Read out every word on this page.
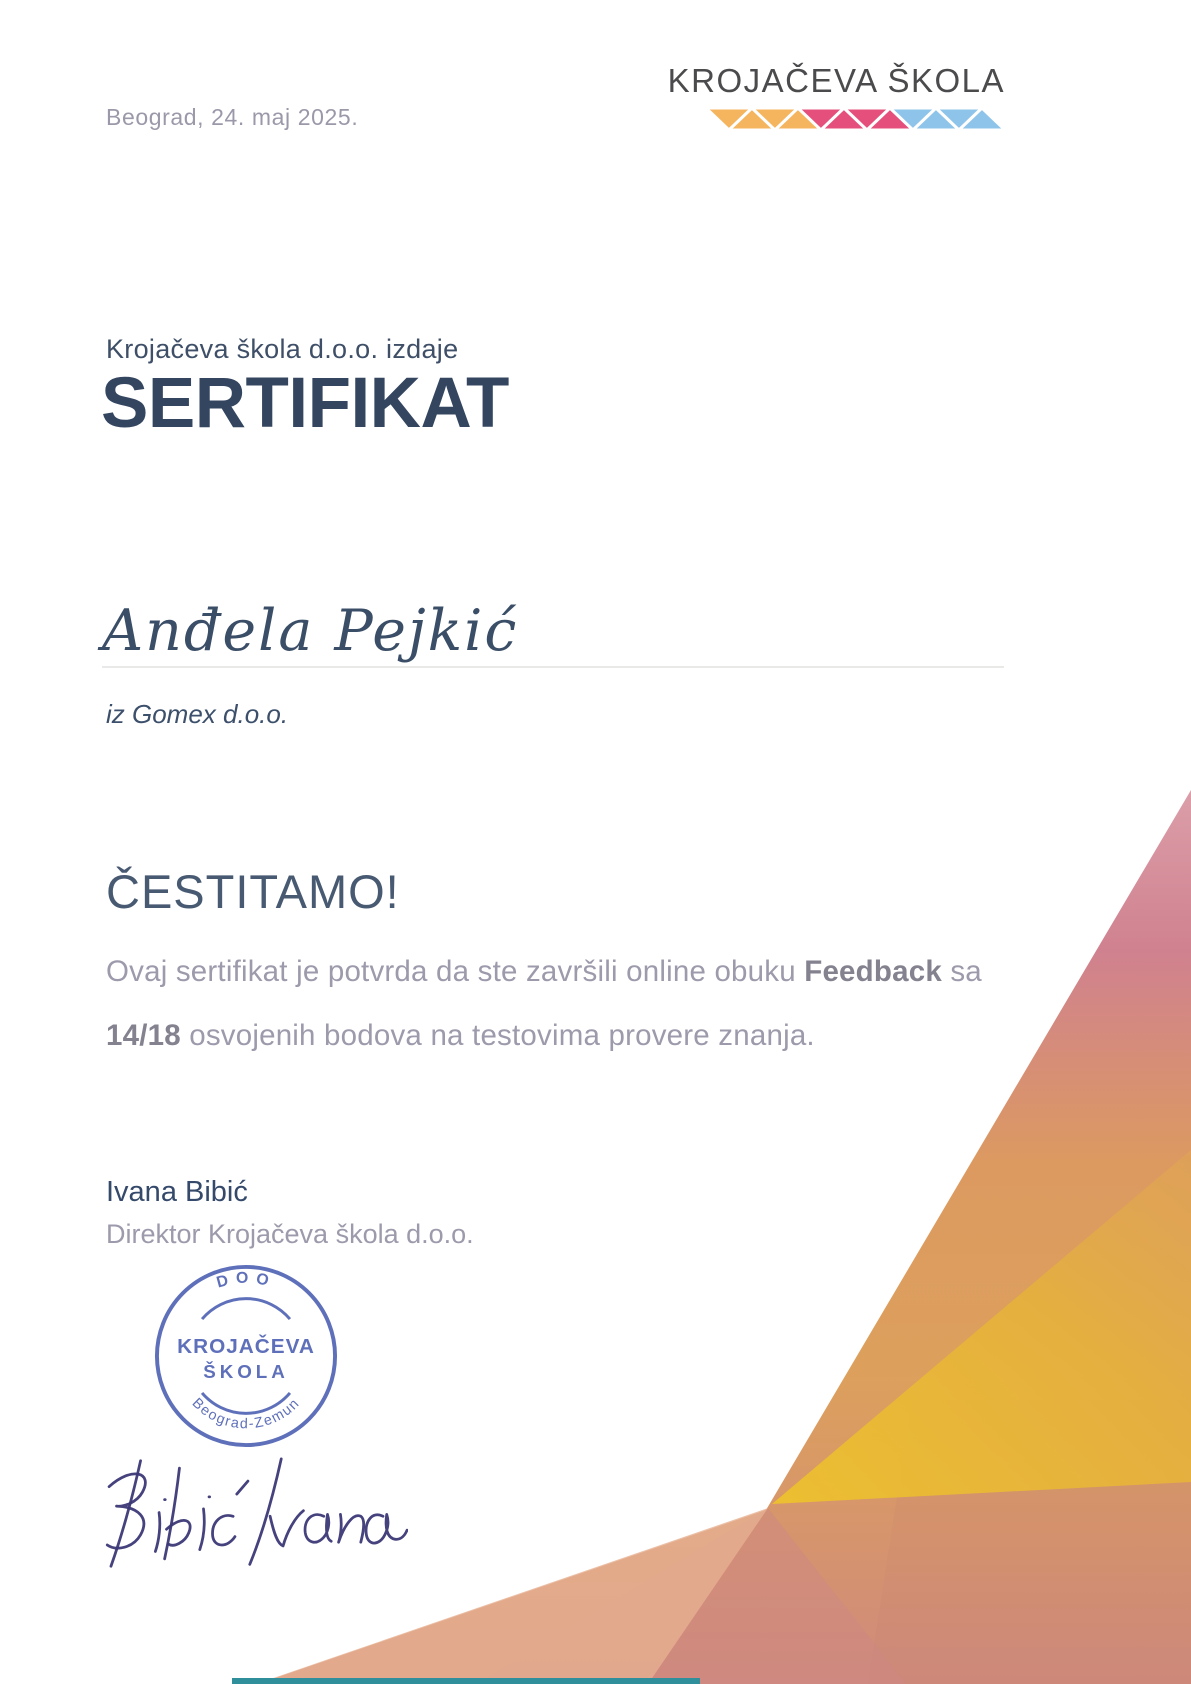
Beograd, 24. maj 2025.
KROJAČEVA ŠKOLA
Krojačeva škola d.o.o. izdaje
SERTIFIKAT
Anđela Pejkić
iz Gomex d.o.o.
ČESTITAMO!
Ovaj sertifikat je potvrda da ste završili online obuku Feedback sa 14/18 osvojenih bodova na testovima provere znanja.
Ivana Bibić
Direktor Krojačeva škola d.o.o.
DOO
KROJAČEVA
ŠKOLA
Beograd-Zemun
